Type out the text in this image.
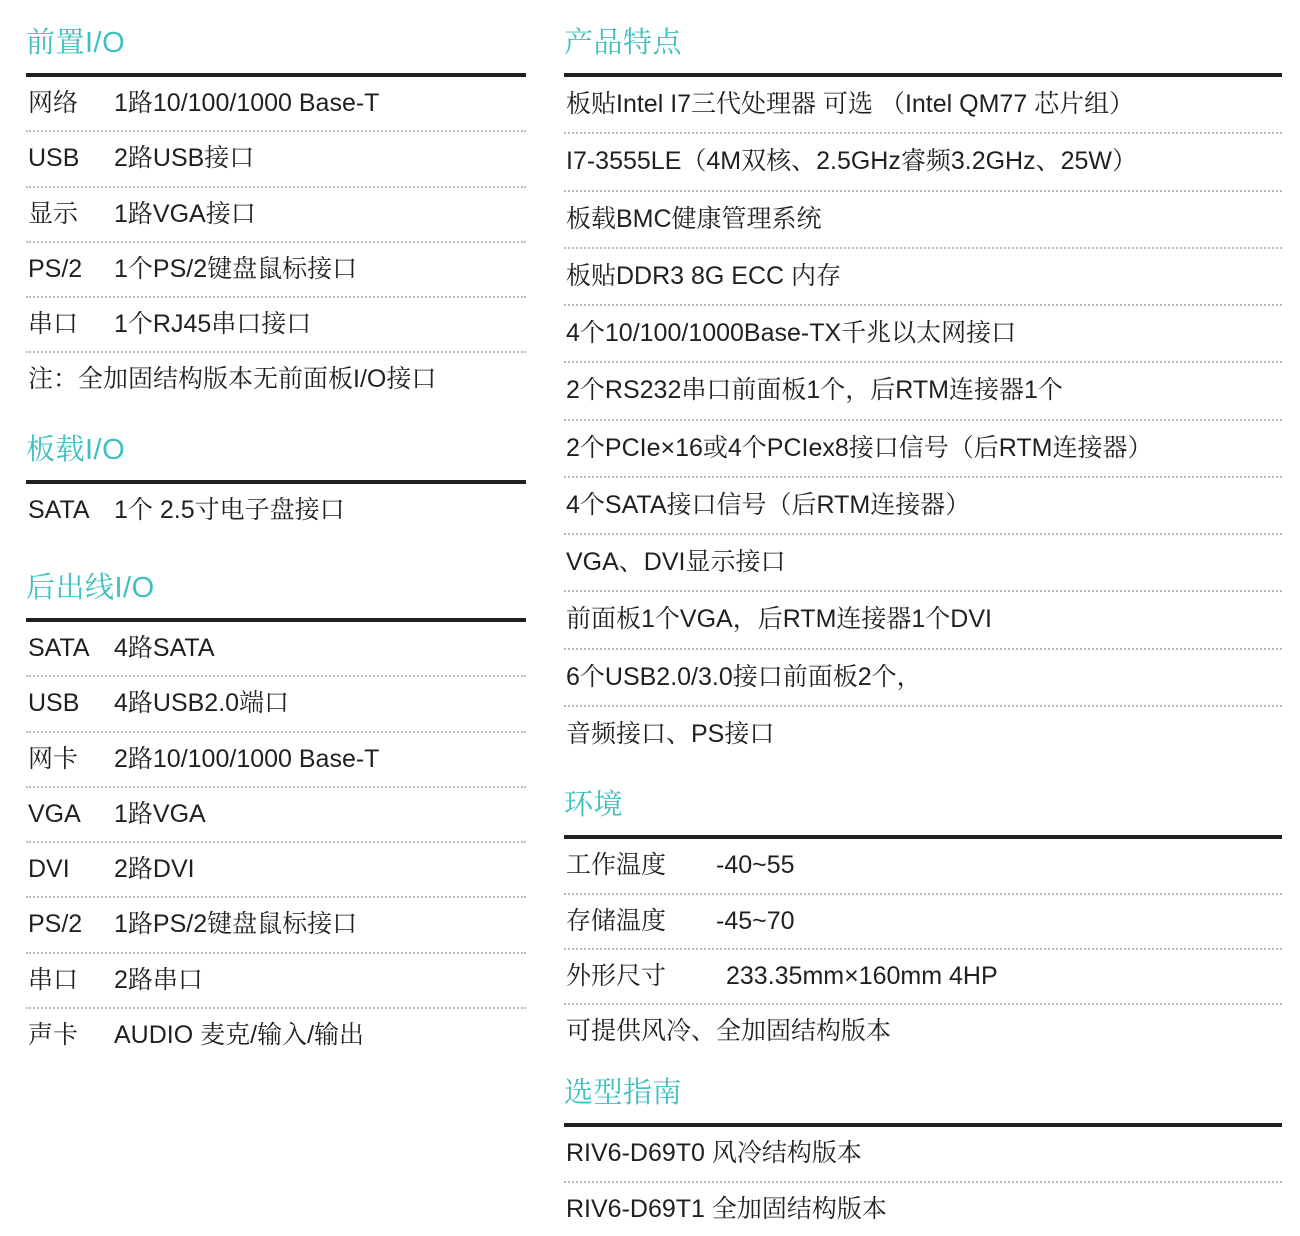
前置I/O
网络	1路10/100/1000 Base-T
USB	2路USB接口
显示	1路VGA接口
PS/2	1个PS/2键盘鼠标接口
串口	1个RJ45串口接口
注：全加固结构版本无前面板I/O接口
板载I/O
SATA 1个 2.5寸电子盘接口
后出线I/O
SATA 4路SATA
USB	4路USB2.0端口
网卡	2路10/100/1000 Base-T
VGA	1路VGA
DVI	2路DVI
PS/2	1路PS/2键盘鼠标接口
串口	2路串口
声卡	AUDIO 麦克/输入/输出
产品特点
板贴Intel I7三代处理器 可选 （Intel QM77 芯片组）
I7-3555LE（4M双核、2.5GHz睿频3.2GHz、25W）
板载BMC健康管理系统
板贴DDR3 8G ECC 内存
4个10/100/1000Base-TX千兆以太网接口
2个RS232串口前面板1个，后RTM连接器1个
2个PCIe×16或4个PCIex8接口信号（后RTM连接器）
4个SATA接口信号（后RTM连接器）
VGA、DVI显示接口
前面板1个VGA，后RTM连接器1个DVI
6个USB2.0/3.0接口前面板2个，
音频接口、PS接口
环境
工作温度	-40~55
存储温度	-45~70
外形尺寸	233.35mm×160mm 4HP
可提供风冷、全加固结构版本
选型指南
RIV6-D69T0 风冷结构版本
RIV6-D69T1 全加固结构版本
